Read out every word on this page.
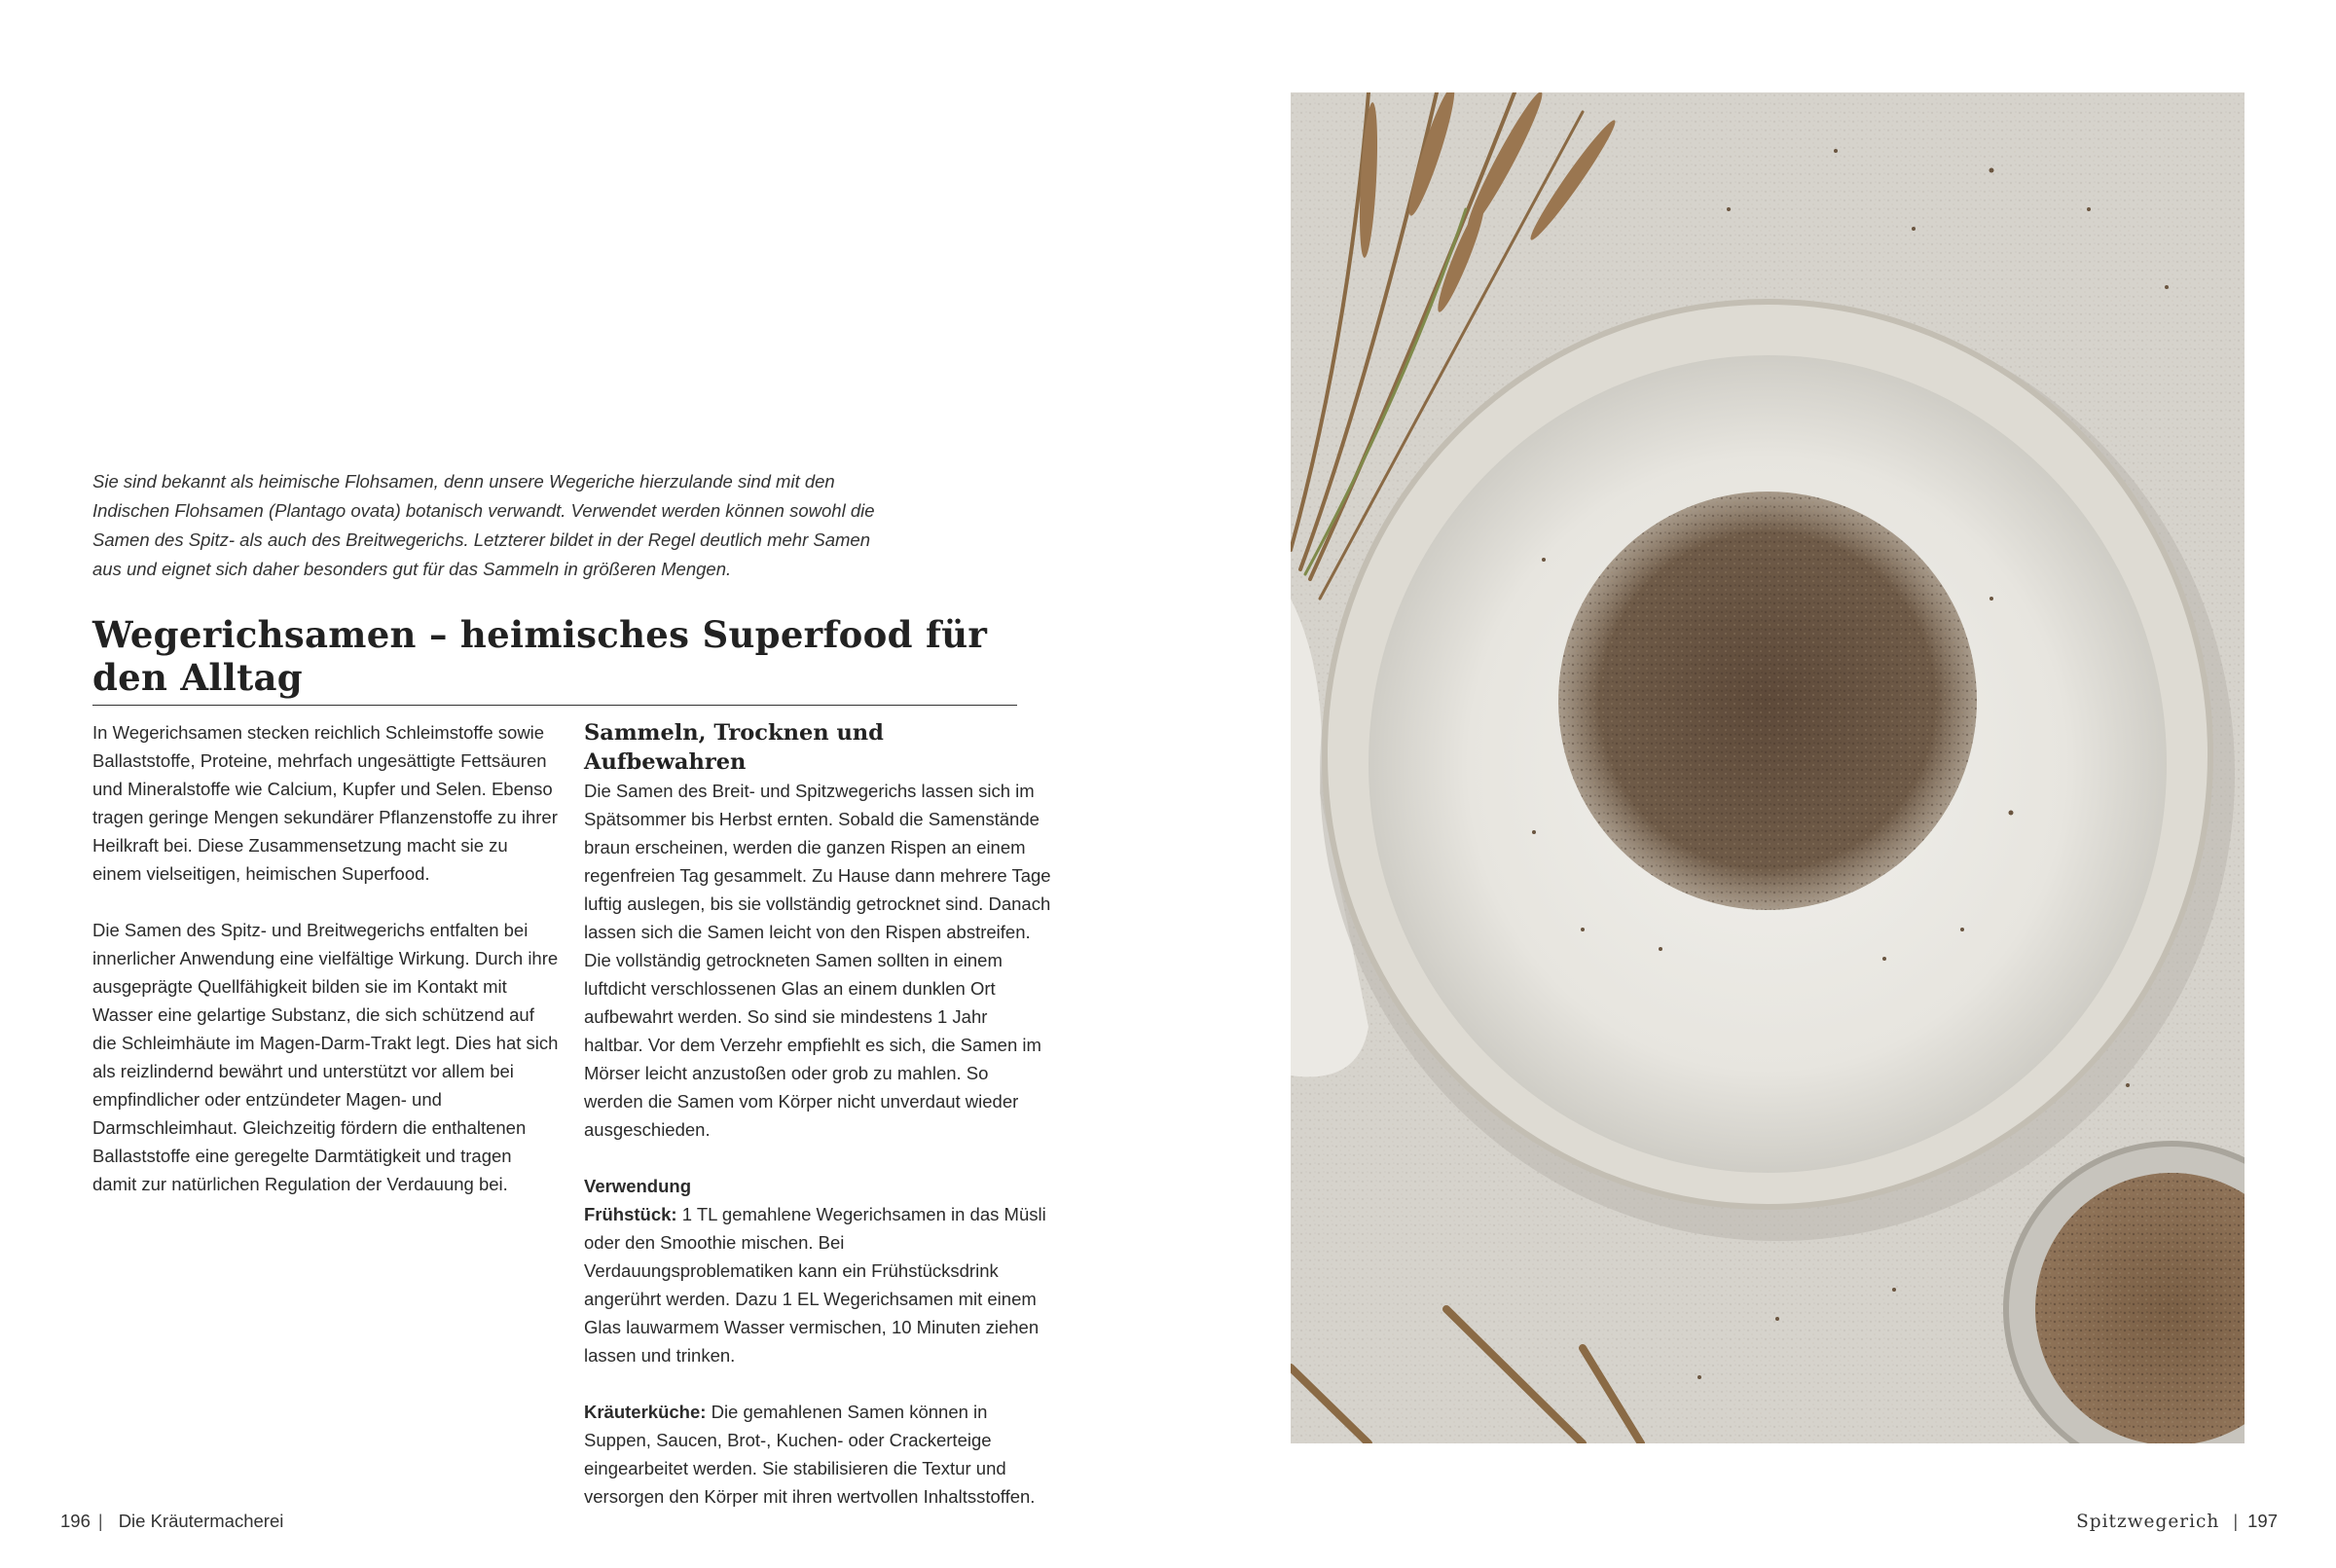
Sie sind bekannt als heimische Flohsamen, denn unsere Wegeriche hierzulande sind mit den Indischen Flohsamen (Plantago ovata) botanisch verwandt. Verwendet werden können sowohl die Samen des Spitz- als auch des Breitwegerichs. Letzterer bildet in der Regel deutlich mehr Samen aus und eignet sich daher besonders gut für das Sammeln in größeren Mengen.

Wegerichsamen – heimisches Superfood für den Alltag

In Wegerichsamen stecken reichlich Schleimstoffe sowie Ballaststoffe, Proteine, mehrfach ungesättigte Fettsäuren und Mineralstoffe wie Calcium, Kupfer und Selen. Ebenso tragen geringe Mengen sekundärer Pflanzenstoffe zu ihrer Heilkraft bei. Diese Zusammensetzung macht sie zu einem vielseitigen, heimischen Superfood.

Die Samen des Spitz- und Breitwegerichs entfalten bei innerlicher Anwendung eine vielfältige Wirkung. Durch ihre ausgeprägte Quellfähigkeit bilden sie im Kontakt mit Wasser eine gelartige Substanz, die sich schützend auf die Schleimhäute im Magen-Darm-Trakt legt. Dies hat sich als reizlindernd bewährt und unterstützt vor allem bei empfindlicher oder entzündeter Magen- und Darmschleimhaut. Gleichzeitig fördern die enthaltenen Ballaststoffe eine geregelte Darmtätigkeit und tragen damit zur natürlichen Regulation der Verdauung bei.

Sammeln, Trocknen und Aufbewahren

Die Samen des Breit- und Spitzwegerichs lassen sich im Spätsommer bis Herbst ernten. Sobald die Samenstände braun erscheinen, werden die ganzen Rispen an einem regenfreien Tag gesammelt. Zu Hause dann mehrere Tage luftig auslegen, bis sie vollständig getrocknet sind. Danach lassen sich die Samen leicht von den Rispen abstreifen. Die vollständig getrockneten Samen sollten in einem luftdicht verschlossenen Glas an einem dunklen Ort aufbewahrt werden. So sind sie mindestens 1 Jahr haltbar. Vor dem Verzehr empfiehlt es sich, die Samen im Mörser leicht anzustoßen oder grob zu mahlen. So werden die Samen vom Körper nicht unverdaut wieder ausgeschieden.

Verwendung

Frühstück: 1 TL gemahlene Wegerichsamen in das Müsli oder den Smoothie mischen. Bei Verdauungsproblematiken kann ein Frühstücksdrink angerührt werden. Dazu 1 EL Wegerichsamen mit einem Glas lauwarmem Wasser vermischen, 10 Minuten ziehen lassen und trinken.

Kräuterküche: Die gemahlenen Samen können in Suppen, Saucen, Brot-, Kuchen- oder Crackerteige eingearbeitet werden. Sie stabilisieren die Textur und versorgen den Körper mit ihren wertvollen Inhaltsstoffen.

196 | Die Kräutermacherei	Spitzwegerich | 197
